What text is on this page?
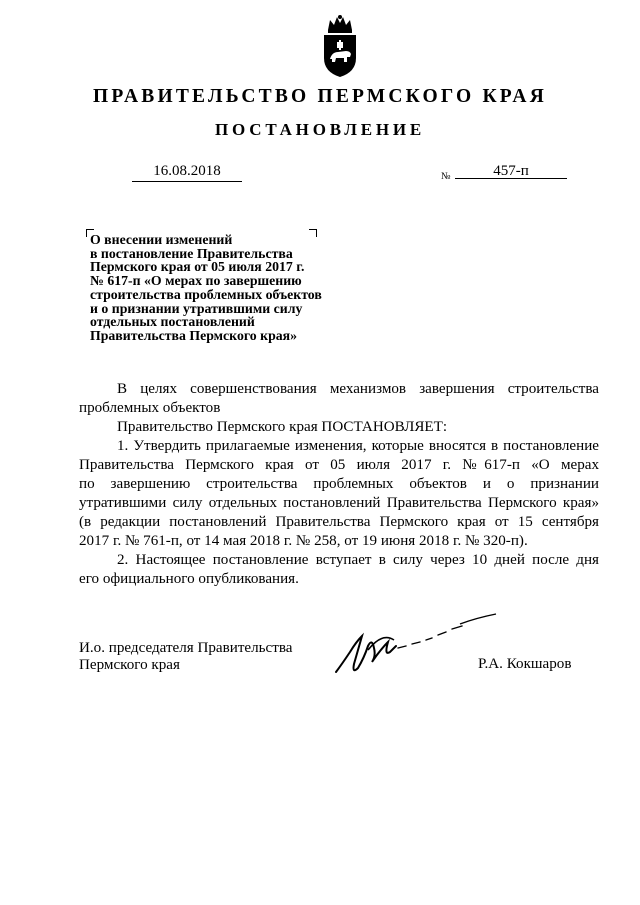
ПРАВИТЕЛЬСТВО ПЕРМСКОГО КРАЯ
ПОСТАНОВЛЕНИЕ
16.08.2018	№	457-п
О внесении изменений
в постановление Правительства
Пермского края от 05 июля 2017 г.
№ 617-п «О мерах по завершению
строительства проблемных объектов
и о признании утратившими силу
отдельных постановлений
Правительства Пермского края»

В целях совершенствования механизмов завершения строительства

проблемных объектов

Правительство Пермского края ПОСТАНОВЛЯЕТ:

1. Утвердить прилагаемые изменения, которые вносятся в постановление

Правительства Пермского края от 05 июля 2017 г. №617-п «О мерах

по завершению строительства проблемных объектов и о признании

утратившими силу отдельных постановлений Правительства Пермского края»

(в редакции постановлений Правительства Пермского края от 15 сентября

2017 г. № 761-п, от 14 мая 2018 г. № 258, от 19 июня 2018 г. № 320-п).

2. Настоящее постановление вступает в силу через 10 дней после дня

его официального опубликования.

И.о. председателя Правительства
Пермского края	Р.А. Кокшаров
